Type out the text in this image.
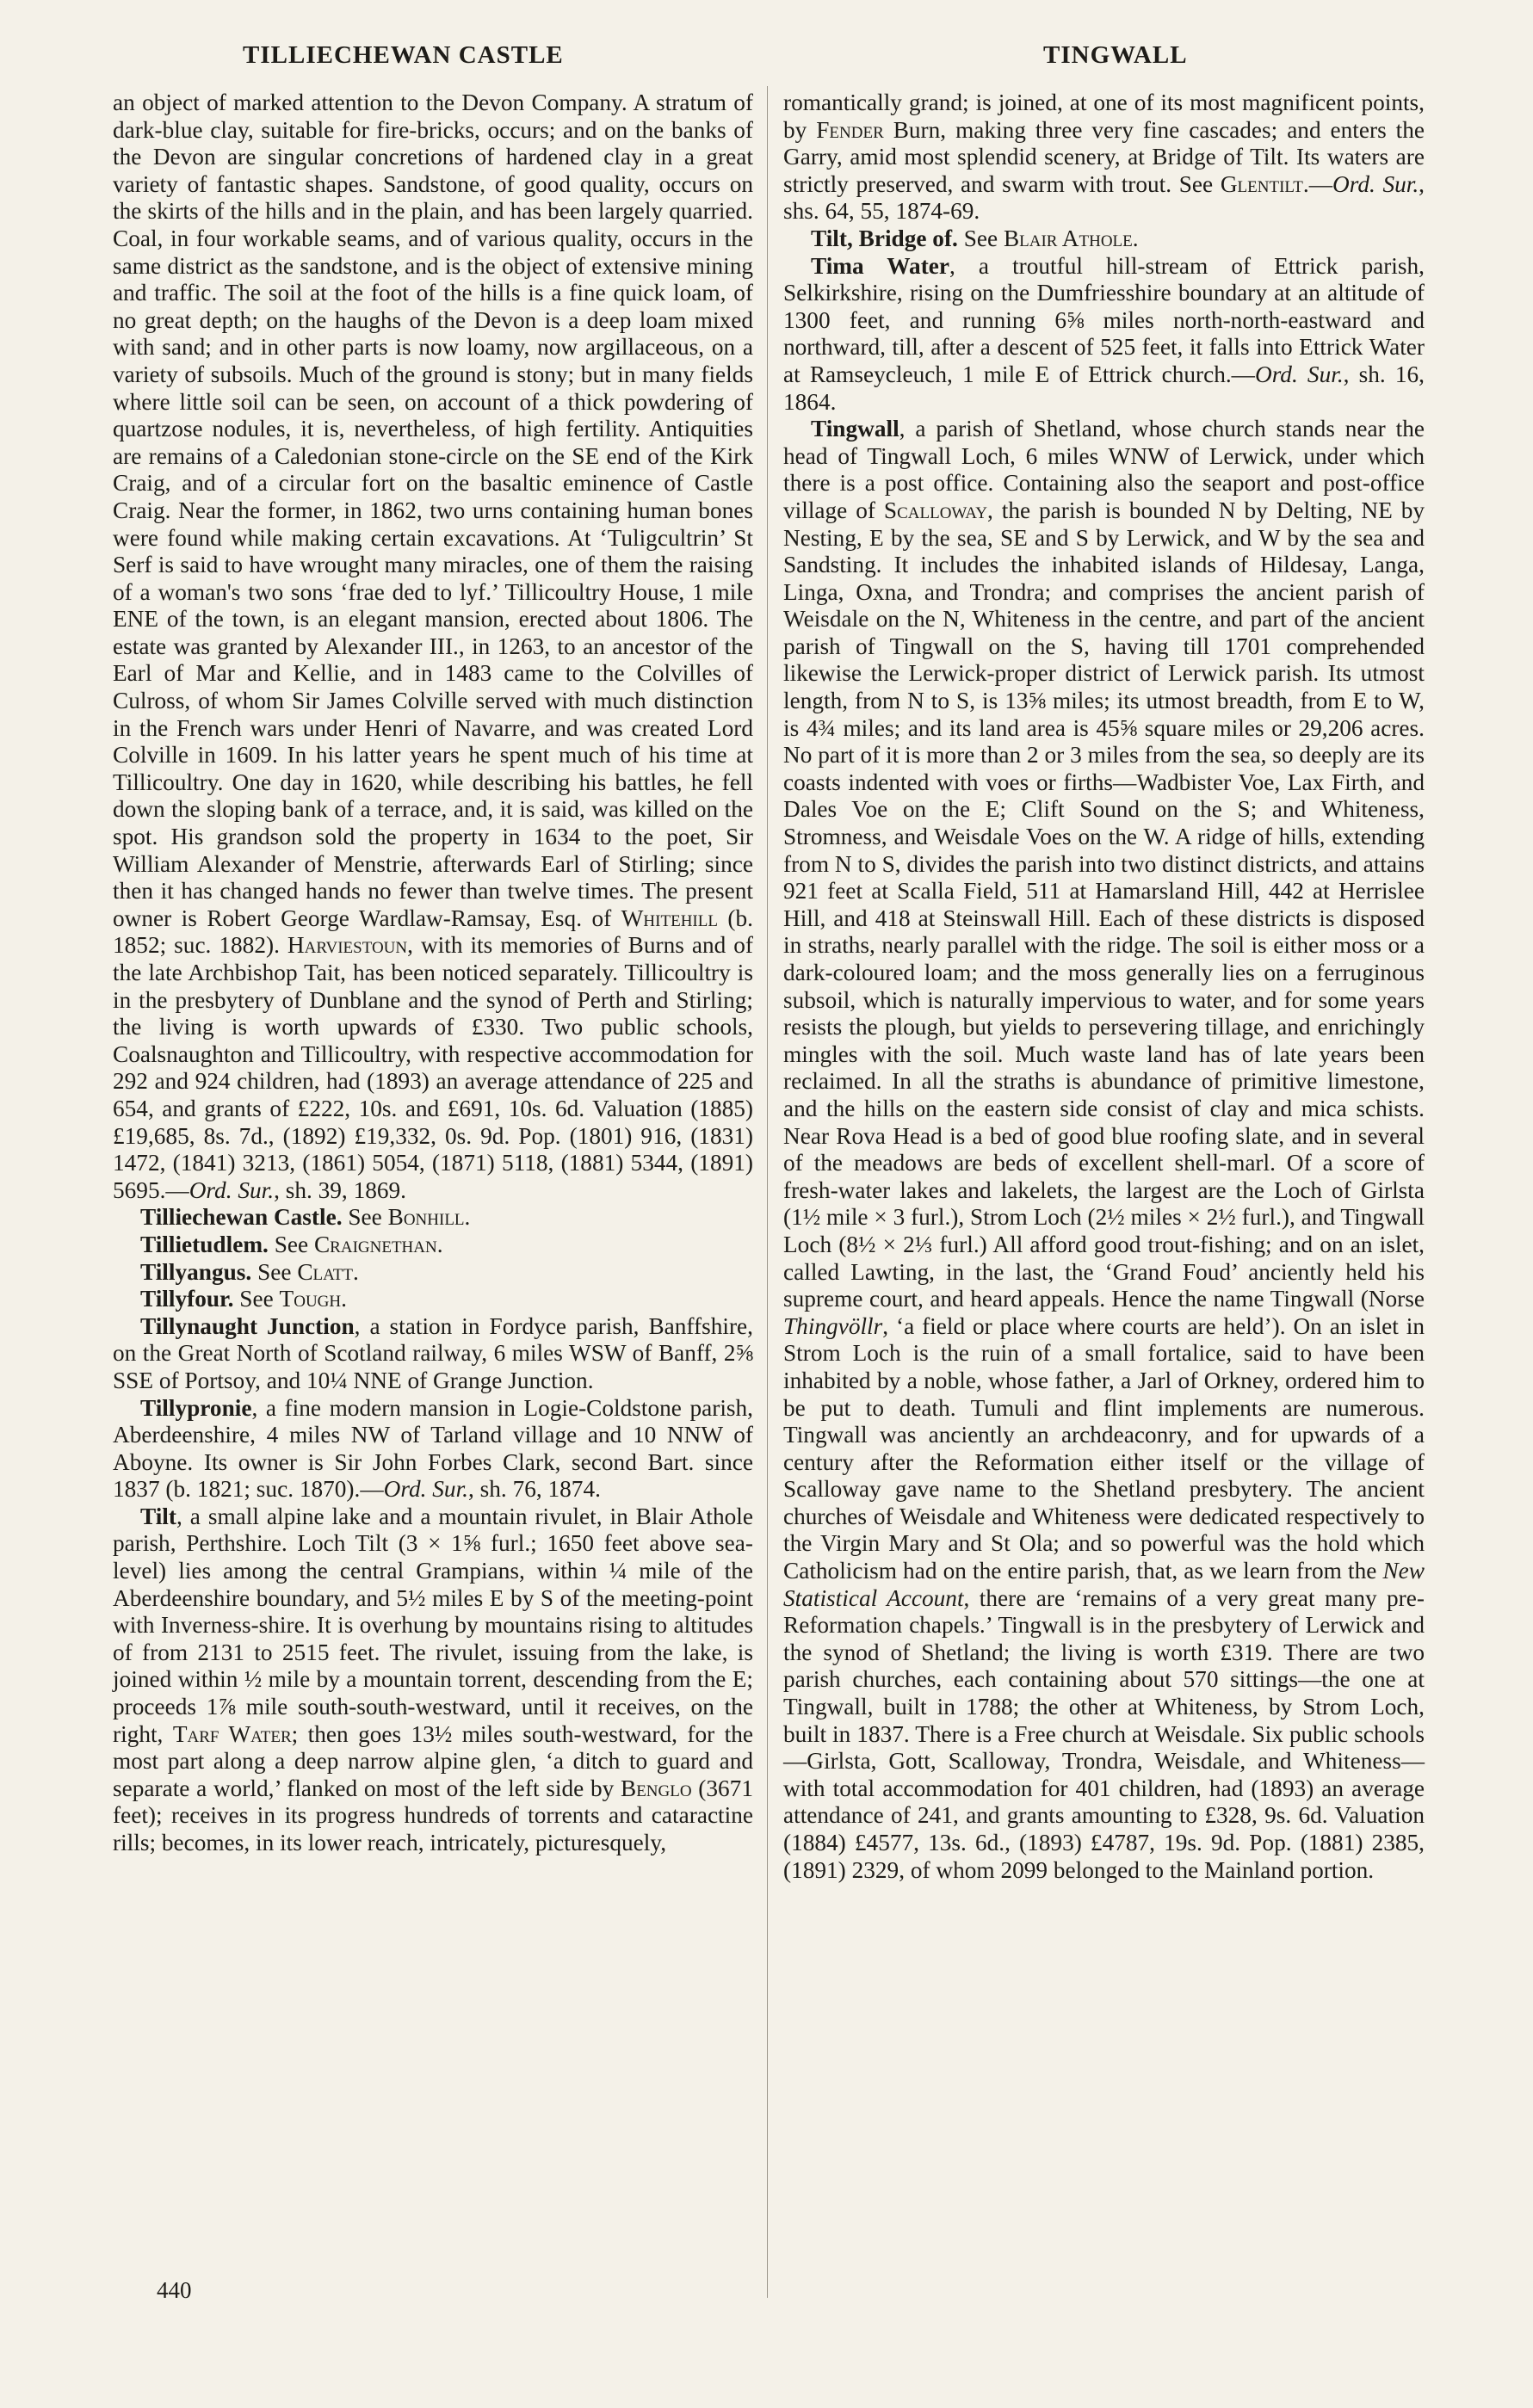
TILLIECHEWAN CASTLE	TINGWALL

an object of marked attention to the Devon Company. A stratum of dark-blue clay, suitable for fire-bricks, occurs; and on the banks of the Devon are singular concretions of hardened clay in a great variety of fantastic shapes. Sandstone, of good quality, occurs on the skirts of the hills and in the plain, and has been largely quarried. Coal, in four workable seams, and of various quality, occurs in the same district as the sandstone, and is the object of extensive mining and traffic. The soil at the foot of the hills is a fine quick loam, of no great depth; on the haughs of the Devon is a deep loam mixed with sand; and in other parts is now loamy, now argillaceous, on a variety of subsoils. Much of the ground is stony; but in many fields where little soil can be seen, on account of a thick powdering of quartzose nodules, it is, nevertheless, of high fertility. Antiquities are remains of a Caledonian stone-circle on the SE end of the Kirk Craig, and of a circular fort on the basaltic eminence of Castle Craig. Near the former, in 1862, two urns containing human bones were found while making certain excavations. At ‘Tuligcultrin’ St Serf is said to have wrought many miracles, one of them the raising of a woman's two sons ‘frae ded to lyf.’ Tillicoultry House, 1 mile ENE of the town, is an elegant mansion, erected about 1806. The estate was granted by Alexander III., in 1263, to an ancestor of the Earl of Mar and Kellie, and in 1483 came to the Colvilles of Culross, of whom Sir James Colville served with much distinction in the French wars under Henri of Navarre, and was created Lord Colville in 1609. In his latter years he spent much of his time at Tillicoultry. One day in 1620, while describing his battles, he fell down the sloping bank of a terrace, and, it is said, was killed on the spot. His grandson sold the property in 1634 to the poet, Sir William Alexander of Menstrie, afterwards Earl of Stirling; since then it has changed hands no fewer than twelve times. The present owner is Robert George Wardlaw-Ramsay, Esq. of Whitehill (b. 1852; suc. 1882). Harviestoun, with its memories of Burns and of the late Archbishop Tait, has been noticed separately. Tillicoultry is in the presbytery of Dunblane and the synod of Perth and Stirling; the living is worth upwards of £330. Two public schools, Coalsnaughton and Tillicoultry, with respective accommodation for 292 and 924 children, had (1893) an average attendance of 225 and 654, and grants of £222, 10s. and £691, 10s. 6d. Valuation (1885) £19,685, 8s. 7d., (1892) £19,332, 0s. 9d. Pop. (1801) 916, (1831) 1472, (1841) 3213, (1861) 5054, (1871) 5118, (1881) 5344, (1891) 5695.—Ord. Sur., sh. 39, 1869.

Tilliechewan Castle. See Bonhill.

Tillietudlem. See Craignethan.

Tillyangus. See Clatt.

Tillyfour. See Tough.

Tillynaught Junction, a station in Fordyce parish, Banffshire, on the Great North of Scotland railway, 6 miles WSW of Banff, 2⅝ SSE of Portsoy, and 10¼ NNE of Grange Junction.

Tillypronie, a fine modern mansion in Logie-Coldstone parish, Aberdeenshire, 4 miles NW of Tarland village and 10 NNW of Aboyne. Its owner is Sir John Forbes Clark, second Bart. since 1837 (b. 1821; suc. 1870).—Ord. Sur., sh. 76, 1874.

Tilt, a small alpine lake and a mountain rivulet, in Blair Athole parish, Perthshire. Loch Tilt (3 × 1⅝ furl.; 1650 feet above sea-level) lies among the central Grampians, within ¼ mile of the Aberdeenshire boundary, and 5½ miles E by S of the meeting-point with Inverness-shire. It is overhung by mountains rising to altitudes of from 2131 to 2515 feet. The rivulet, issuing from the lake, is joined within ½ mile by a mountain torrent, descending from the E; proceeds 1⅞ mile south-south-westward, until it receives, on the right, Tarf Water; then goes 13½ miles south-westward, for the most part along a deep narrow alpine glen, ‘a ditch to guard and separate a world,’ flanked on most of the left side by Benglo (3671 feet); receives in its progress hundreds of torrents and cataractine rills; becomes, in its lower reach, intricately, picturesquely,

romantically grand; is joined, at one of its most magnificent points, by Fender Burn, making three very fine cascades; and enters the Garry, amid most splendid scenery, at Bridge of Tilt. Its waters are strictly preserved, and swarm with trout. See Glentilt.—Ord. Sur., shs. 64, 55, 1874-69.

Tilt, Bridge of. See Blair Athole.

Tima Water, a troutful hill-stream of Ettrick parish, Selkirkshire, rising on the Dumfriesshire boundary at an altitude of 1300 feet, and running 6⅝ miles north-north-eastward and northward, till, after a descent of 525 feet, it falls into Ettrick Water at Ramseycleuch, 1 mile E of Ettrick church.—Ord. Sur., sh. 16, 1864.

Tingwall, a parish of Shetland, whose church stands near the head of Tingwall Loch, 6 miles WNW of Lerwick, under which there is a post office. Containing also the seaport and post-office village of Scalloway, the parish is bounded N by Delting, NE by Nesting, E by the sea, SE and S by Lerwick, and W by the sea and Sandsting. It includes the inhabited islands of Hildesay, Langa, Linga, Oxna, and Trondra; and comprises the ancient parish of Weisdale on the N, Whiteness in the centre, and part of the ancient parish of Tingwall on the S, having till 1701 comprehended likewise the Lerwick-proper district of Lerwick parish. Its utmost length, from N to S, is 13⅝ miles; its utmost breadth, from E to W, is 4¾ miles; and its land area is 45⅝ square miles or 29,206 acres. No part of it is more than 2 or 3 miles from the sea, so deeply are its coasts indented with voes or firths—Wadbister Voe, Lax Firth, and Dales Voe on the E; Clift Sound on the S; and Whiteness, Stromness, and Weisdale Voes on the W. A ridge of hills, extending from N to S, divides the parish into two distinct districts, and attains 921 feet at Scalla Field, 511 at Hamarsland Hill, 442 at Herrislee Hill, and 418 at Steinswall Hill. Each of these districts is disposed in straths, nearly parallel with the ridge. The soil is either moss or a dark-coloured loam; and the moss generally lies on a ferruginous subsoil, which is naturally impervious to water, and for some years resists the plough, but yields to persevering tillage, and enrichingly mingles with the soil. Much waste land has of late years been reclaimed. In all the straths is abundance of primitive limestone, and the hills on the eastern side consist of clay and mica schists. Near Rova Head is a bed of good blue roofing slate, and in several of the meadows are beds of excellent shell-marl. Of a score of fresh-water lakes and lakelets, the largest are the Loch of Girlsta (1½ mile × 3 furl.), Strom Loch (2½ miles × 2½ furl.), and Tingwall Loch (8½ × 2⅓ furl.) All afford good trout-fishing; and on an islet, called Lawting, in the last, the ‘Grand Foud’ anciently held his supreme court, and heard appeals. Hence the name Tingwall (Norse Thingvöllr, ‘a field or place where courts are held’). On an islet in Strom Loch is the ruin of a small fortalice, said to have been inhabited by a noble, whose father, a Jarl of Orkney, ordered him to be put to death. Tumuli and flint implements are numerous. Tingwall was anciently an archdeaconry, and for upwards of a century after the Reformation either itself or the village of Scalloway gave name to the Shetland presbytery. The ancient churches of Weisdale and Whiteness were dedicated respectively to the Virgin Mary and St Ola; and so powerful was the hold which Catholicism had on the entire parish, that, as we learn from the New Statistical Account, there are ‘remains of a very great many pre-Reformation chapels.’ Tingwall is in the presbytery of Lerwick and the synod of Shetland; the living is worth £319. There are two parish churches, each containing about 570 sittings—the one at Tingwall, built in 1788; the other at Whiteness, by Strom Loch, built in 1837. There is a Free church at Weisdale. Six public schools—Girlsta, Gott, Scalloway, Trondra, Weisdale, and Whiteness—with total accommodation for 401 children, had (1893) an average attendance of 241, and grants amounting to £328, 9s. 6d. Valuation (1884) £4577, 13s. 6d., (1893) £4787, 19s. 9d. Pop. (1881) 2385, (1891) 2329, of whom 2099 belonged to the Mainland portion.

440
